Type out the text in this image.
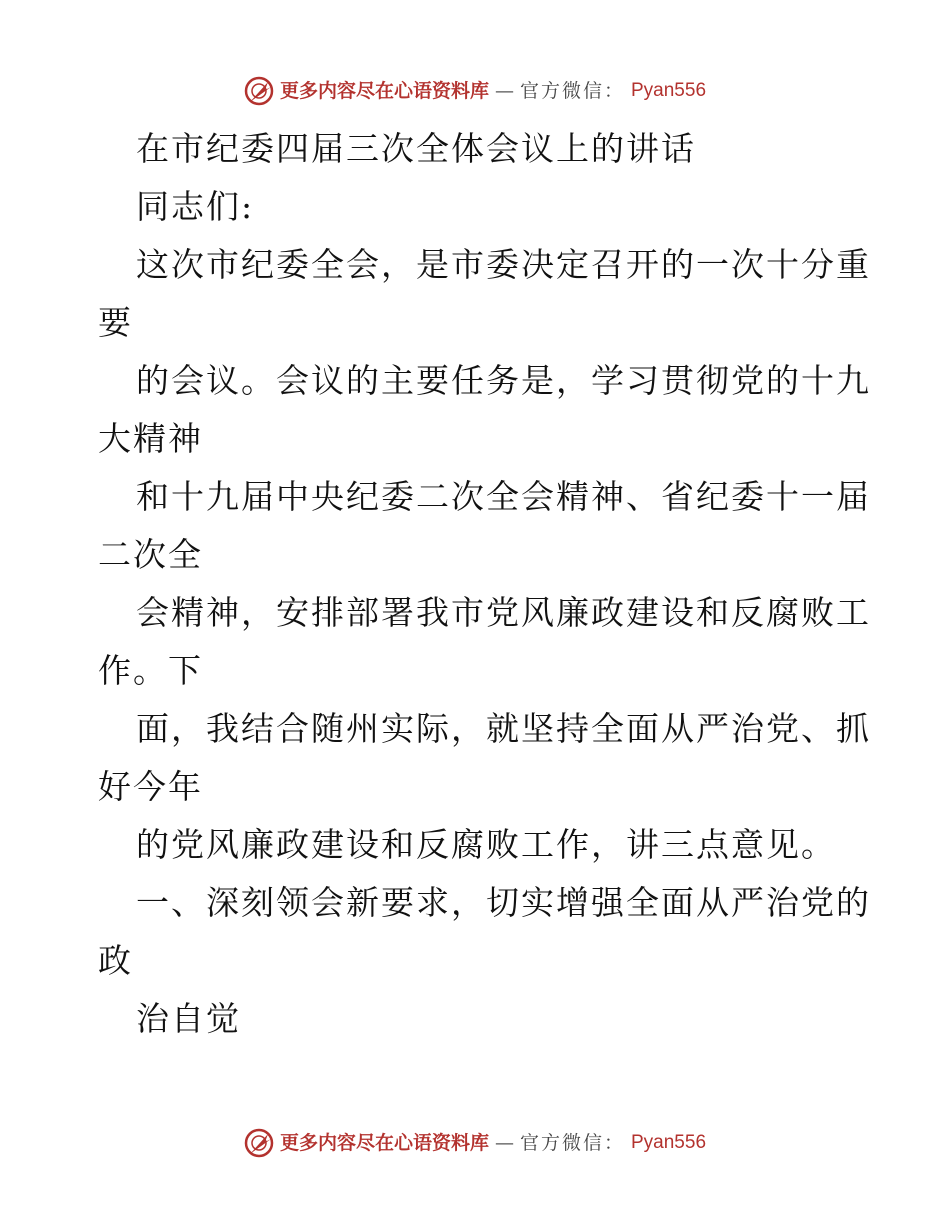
更多内容尽在心语资料库 — 官方微信： Pyan556
在市纪委四届三次全体会议上的讲话
同志们:
这次市纪委全会，是市委决定召开的一次十分重
要
的会议。会议的主要任务是，学习贯彻党的十九
大精神
和十九届中央纪委二次全会精神、省纪委十一届
二次全
会精神，安排部署我市党风廉政建设和反腐败工
作。下
面，我结合随州实际，就坚持全面从严治党、抓
好今年
的党风廉政建设和反腐败工作，讲三点意见。
一、深刻领会新要求，切实增强全面从严治党的
政
治自觉
更多内容尽在心语资料库 — 官方微信： Pyan556
